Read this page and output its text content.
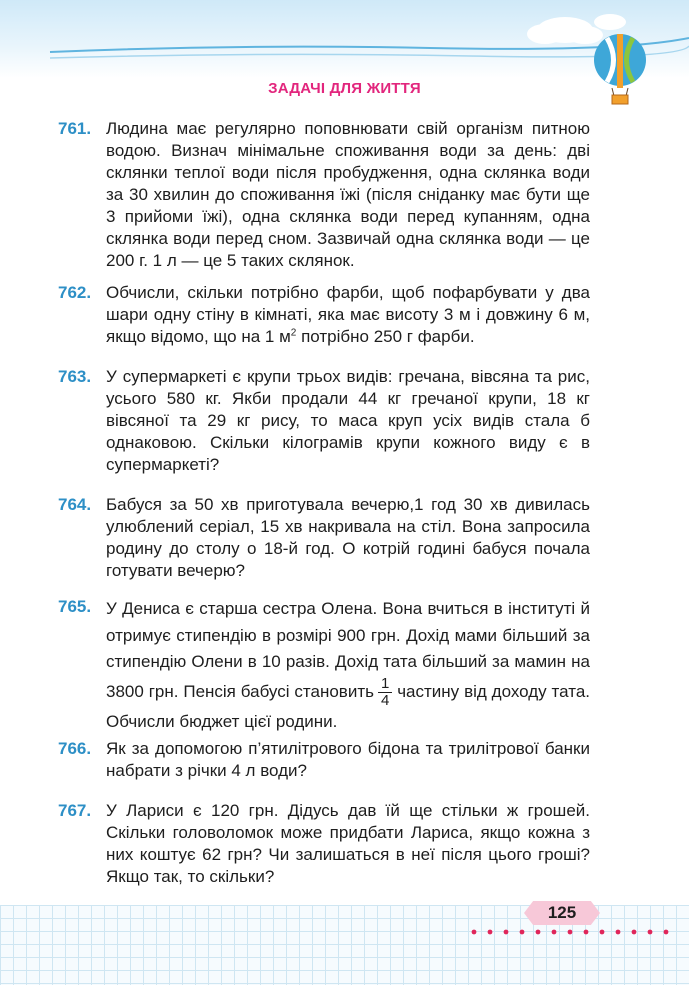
ЗАДАЧІ ДЛЯ ЖИТТЯ
761. Людина має регулярно поповнювати свій організм питною водою. Визнач мінімальне споживання води за день: дві склянки теплої води після пробудження, одна склянка води за 30 хвилин до споживання їжі (після сніданку має бути ще 3 прийоми їжі), одна склянка води перед купанням, одна склянка води перед сном. Зазвичай одна склянка води — це 200 г. 1 л — це 5 таких склянок.
762. Обчисли, скільки потрібно фарби, щоб пофарбувати у два шари одну стіну в кімнаті, яка має висоту 3 м і довжину 6 м, якщо відомо, що на 1 $м^2$ потрібно 250 г фарби.
763. У супермаркеті є крупи трьох видів: гречана, вівсяна та рис, усього 580 кг. Якби продали 44 кг гречаної крупи, 18 кг вівсяної та 29 кг рису, то маса круп усіх видів стала б однаковою. Скільки кілограмів крупи кожного виду є в супермаркеті?
764. Бабуся за 50 хв приготувала вечерю,1 год 30 хв дивилась улюблений серіал, 15 хв накривала на стіл. Вона запросила родину до столу о 18-й год. О котрій годині бабуся почала готувати вечерю?
765. У Дениса є старша сестра Олена. Вона вчиться в інституті й отримує стипендію в розмірі 900 грн. Дохід мами більший за стипендію Олени в 10 разів. Дохід тата більший за мамин на 3800 грн. Пенсія бабусі становить $\frac{1}{4}$ частину від доходу тата. Обчисли бюджет цієї родини.
766. Як за допомогою п’ятилітрового бідона та трилітрової банки набрати з річки 4 л води?
767. У Лариси є 120 грн. Дідусь дав їй ще стільки ж грошей. Скільки головоломок може придбати Лариса, якщо кожна з них коштує 62 грн? Чи залишаться в неї після цього гроші? Якщо так, то скільки?
125
